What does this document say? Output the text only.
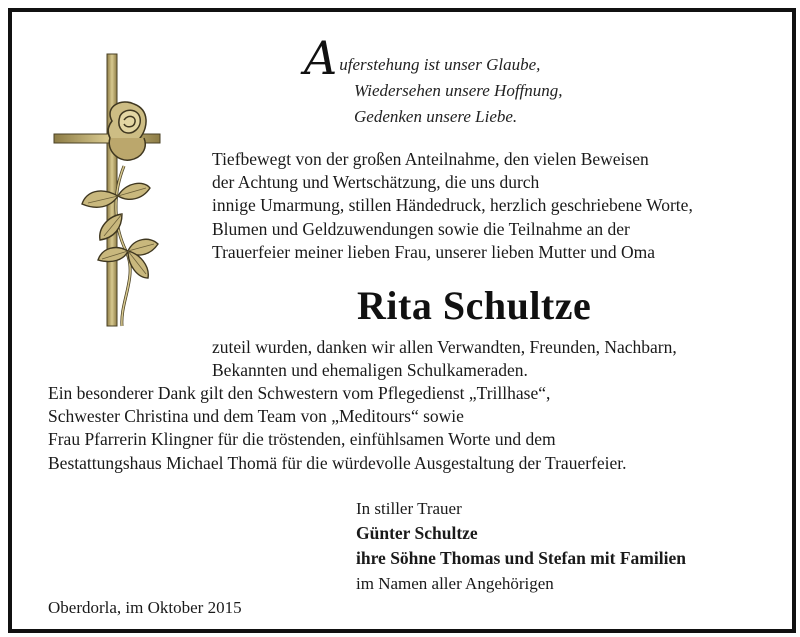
A uferstehung ist unser Glaube,
Wiedersehen unsere Hoffnung,
Gedenken unsere Liebe.
Tiefbewegt von der großen Anteilnahme, den vielen Beweisen
der Achtung und Wertschätzung, die uns durch
innige Umarmung, stillen Händedruck, herzlich geschriebene Worte,
Blumen und Geldzuwendungen sowie die Teilnahme an der
Trauerfeier meiner lieben Frau, unserer lieben Mutter und Oma
Rita Schultze
zuteil wurden, danken wir allen Verwandten, Freunden, Nachbarn,
Bekannten und ehemaligen Schulkameraden.
Ein besonderer Dank gilt den Schwestern vom Pflegedienst „Trillhase“,
Schwester Christina und dem Team von „Meditours“ sowie
Frau Pfarrerin Klingner für die tröstenden, einfühlsamen Worte und dem
Bestattungshaus Michael Thomä für die würdevolle Ausgestaltung der Trauerfeier.
In stiller Trauer
Günter Schultze
ihre Söhne Thomas und Stefan mit Familien
im Namen aller Angehörigen
Oberdorla, im Oktober 2015
